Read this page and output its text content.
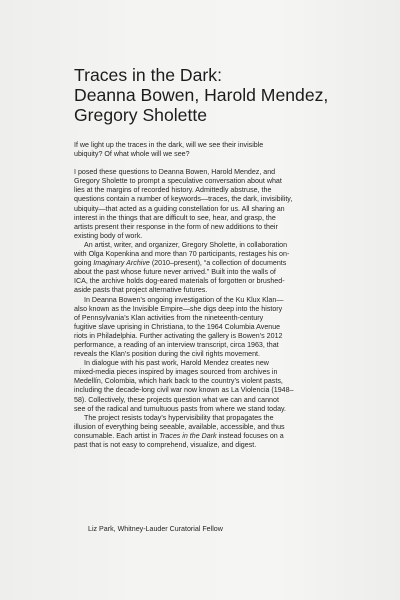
Traces in the Dark:
Deanna Bowen, Harold Mendez,
Gregory Sholette
If we light up the traces in the dark, will we see their invisible
ubiquity? Of what whole will we see?
I posed these questions to Deanna Bowen, Harold Mendez, and
Gregory Sholette to prompt a speculative conversation about what
lies at the margins of recorded history. Admittedly abstruse, the
questions contain a number of keywords—traces, the dark, invisibility,
ubiquity—that acted as a guiding constellation for us. All sharing an
interest in the things that are difficult to see, hear, and grasp, the
artists present their response in the form of new additions to their
existing body of work.
An artist, writer, and organizer, Gregory Sholette, in collaboration
with Olga Kopenkina and more than 70 participants, restages his on-
going Imaginary Archive (2010–present), “a collection of documents
about the past whose future never arrived.” Built into the walls of
ICA, the archive holds dog-eared materials of forgotten or brushed-
aside pasts that project alternative futures.
In Deanna Bowen’s ongoing investigation of the Ku Klux Klan—
also known as the Invisible Empire—she digs deep into the history
of Pennsylvania’s Klan activities from the nineteenth-century
fugitive slave uprising in Christiana, to the 1964 Columbia Avenue
riots in Philadelphia. Further activating the gallery is Bowen’s 2012
performance, a reading of an interview transcript, circa 1963, that
reveals the Klan’s position during the civil rights movement.
In dialogue with his past work, Harold Mendez creates new
mixed-media pieces inspired by images sourced from archives in
Medellín, Colombia, which hark back to the country’s violent pasts,
including the decade-long civil war now known as La Violencia (1948–
58). Collectively, these projects question what we can and cannot
see of the radical and tumultuous pasts from where we stand today.
The project resists today’s hypervisibility that propagates the
illusion of everything being seeable, available, accessible, and thus
consumable. Each artist in Traces in the Dark instead focuses on a
past that is not easy to comprehend, visualize, and digest.
Liz Park, Whitney-Lauder Curatorial Fellow
